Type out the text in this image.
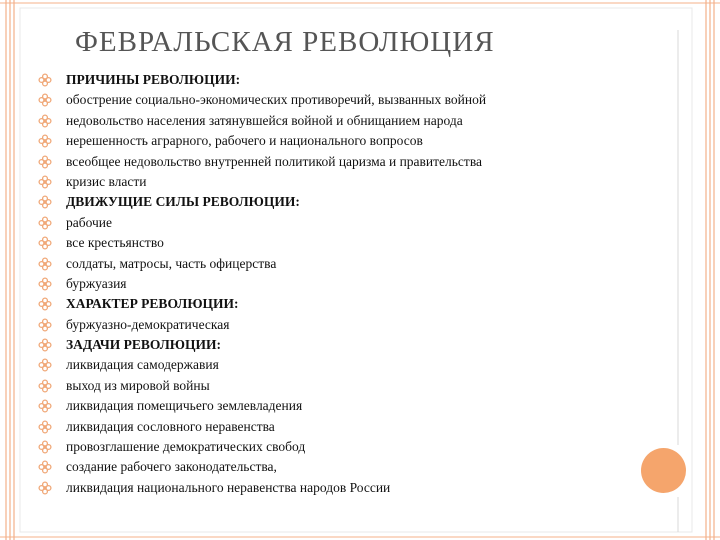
ФЕВРАЛЬСКАЯ РЕВОЛЮЦИЯ
ПРИЧИНЫ РЕВОЛЮЦИИ:
обострение социально-экономических противоречий, вызванных войной
недовольство населения затянувшейся войной и обнищанием народа
нерешенность аграрного, рабочего и национального вопросов
всеобщее недовольство внутренней политикой царизма и правительства
кризис власти
ДВИЖУЩИЕ СИЛЫ РЕВОЛЮЦИИ:
рабочие
все крестьянство
солдаты, матросы, часть офицерства
буржуазия
ХАРАКТЕР РЕВОЛЮЦИИ:
буржуазно-демократическая
ЗАДАЧИ РЕВОЛЮЦИИ:
ликвидация самодержавия
выход из мировой войны
ликвидация помещичьего землевладения
ликвидация сословного неравенства
провозглашение демократических свобод
создание рабочего законодательства,
ликвидация национального неравенства народов России
